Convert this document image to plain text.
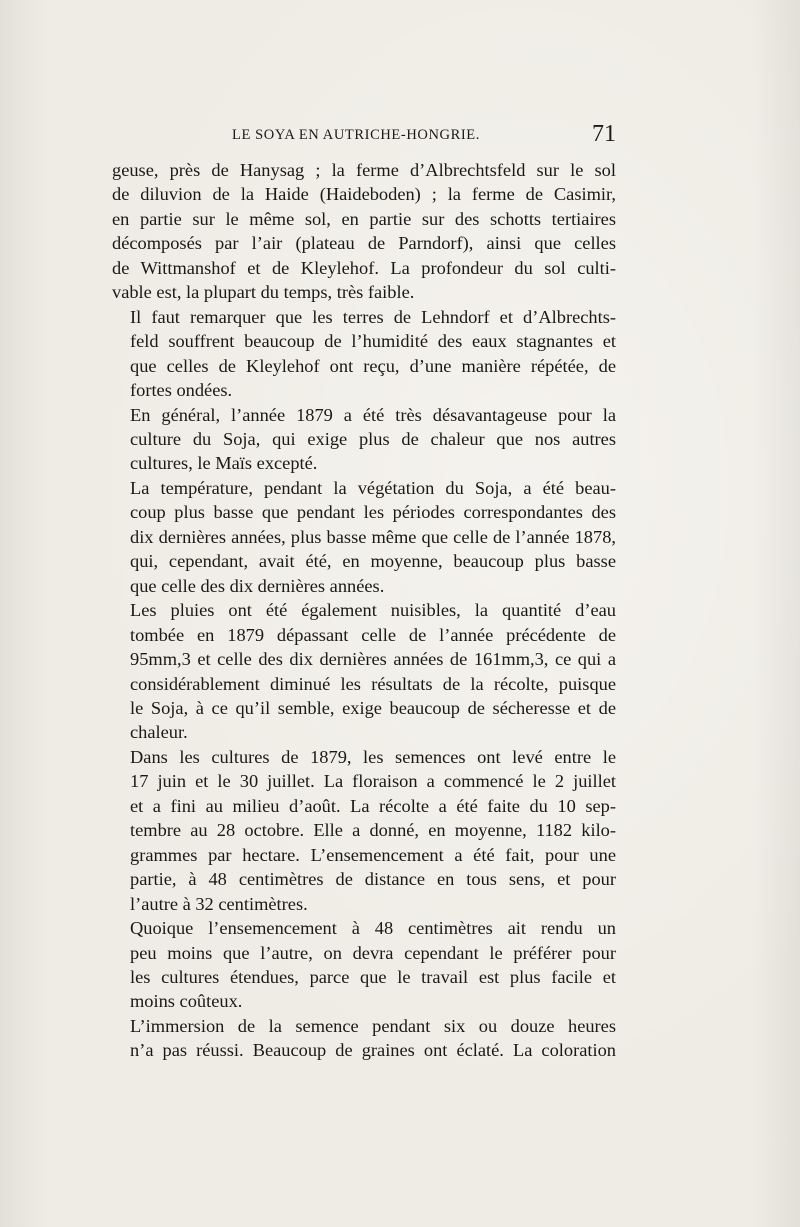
LE SOYA EN AUTRICHE-HONGRIE.	71

geuse, près de Hanysag ; la ferme d’Albrechtsfeld sur le sol
de diluvion de la Haide (Haideboden) ; la ferme de Casimir,
en partie sur le même sol, en partie sur des schotts tertiaires
décomposés par l’air (plateau de Parndorf), ainsi que celles
de Wittmanshof et de Kleylehof. La profondeur du sol culti-
vable est, la plupart du temps, très faible.

Il faut remarquer que les terres de Lehndorf et d’Albrechts-
feld souffrent beaucoup de l’humidité des eaux stagnantes et
que celles de Kleylehof ont reçu, d’une manière répétée, de
fortes ondées.

En général, l’année 1879 a été très désavantageuse pour la
culture du Soja, qui exige plus de chaleur que nos autres
cultures, le Maïs excepté.

La température, pendant la végétation du Soja, a été beau-
coup plus basse que pendant les périodes correspondantes des
dix dernières années, plus basse même que celle de l’année 1878,
qui, cependant, avait été, en moyenne, beaucoup plus basse
que celle des dix dernières années.

Les pluies ont été également nuisibles, la quantité d’eau
tombée en 1879 dépassant celle de l’année précédente de
95mm,3 et celle des dix dernières années de 161mm,3, ce qui a
considérablement diminué les résultats de la récolte, puisque
le Soja, à ce qu’il semble, exige beaucoup de sécheresse et de
chaleur.

Dans les cultures de 1879, les semences ont levé entre le
17 juin et le 30 juillet. La floraison a commencé le 2 juillet
et a fini au milieu d’août. La récolte a été faite du 10 sep-
tembre au 28 octobre. Elle a donné, en moyenne, 1182 kilo-
grammes par hectare. L’ensemencement a été fait, pour une
partie, à 48 centimètres de distance en tous sens, et pour
l’autre à 32 centimètres.

Quoique l’ensemencement à 48 centimètres ait rendu un
peu moins que l’autre, on devra cependant le préférer pour
les cultures étendues, parce que le travail est plus facile et
moins coûteux.

L’immersion de la semence pendant six ou douze heures
n’a pas réussi. Beaucoup de graines ont éclaté. La coloration
